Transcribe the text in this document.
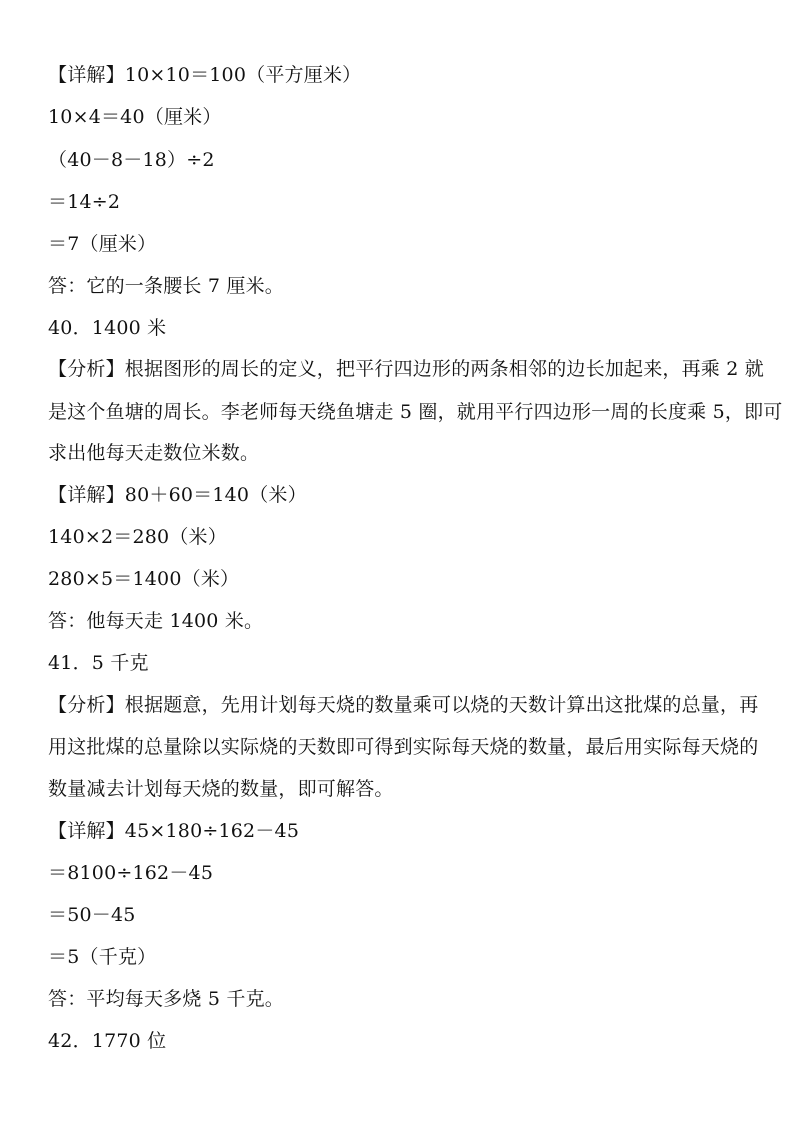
【详解】10×10＝100（平方厘米）
10×4＝40（厘米）
（40－8－18）÷2
＝14÷2
＝7（厘米）
答：它的一条腰长 7 厘米。
40．1400 米
【分析】根据图形的周长的定义，把平行四边形的两条相邻的边长加起来，再乘 2 就
是这个鱼塘的周长。李老师每天绕鱼塘走 5 圈，就用平行四边形一周的长度乘 5，即可
求出他每天走数位米数。
【详解】80＋60＝140（米）
140×2＝280（米）
280×5＝1400（米）
答：他每天走 1400 米。
41．5 千克
【分析】根据题意，先用计划每天烧的数量乘可以烧的天数计算出这批煤的总量，再
用这批煤的总量除以实际烧的天数即可得到实际每天烧的数量，最后用实际每天烧的
数量减去计划每天烧的数量，即可解答。
【详解】45×180÷162－45
＝8100÷162－45
＝50－45
＝5（千克）
答：平均每天多烧 5 千克。
42．1770 位
